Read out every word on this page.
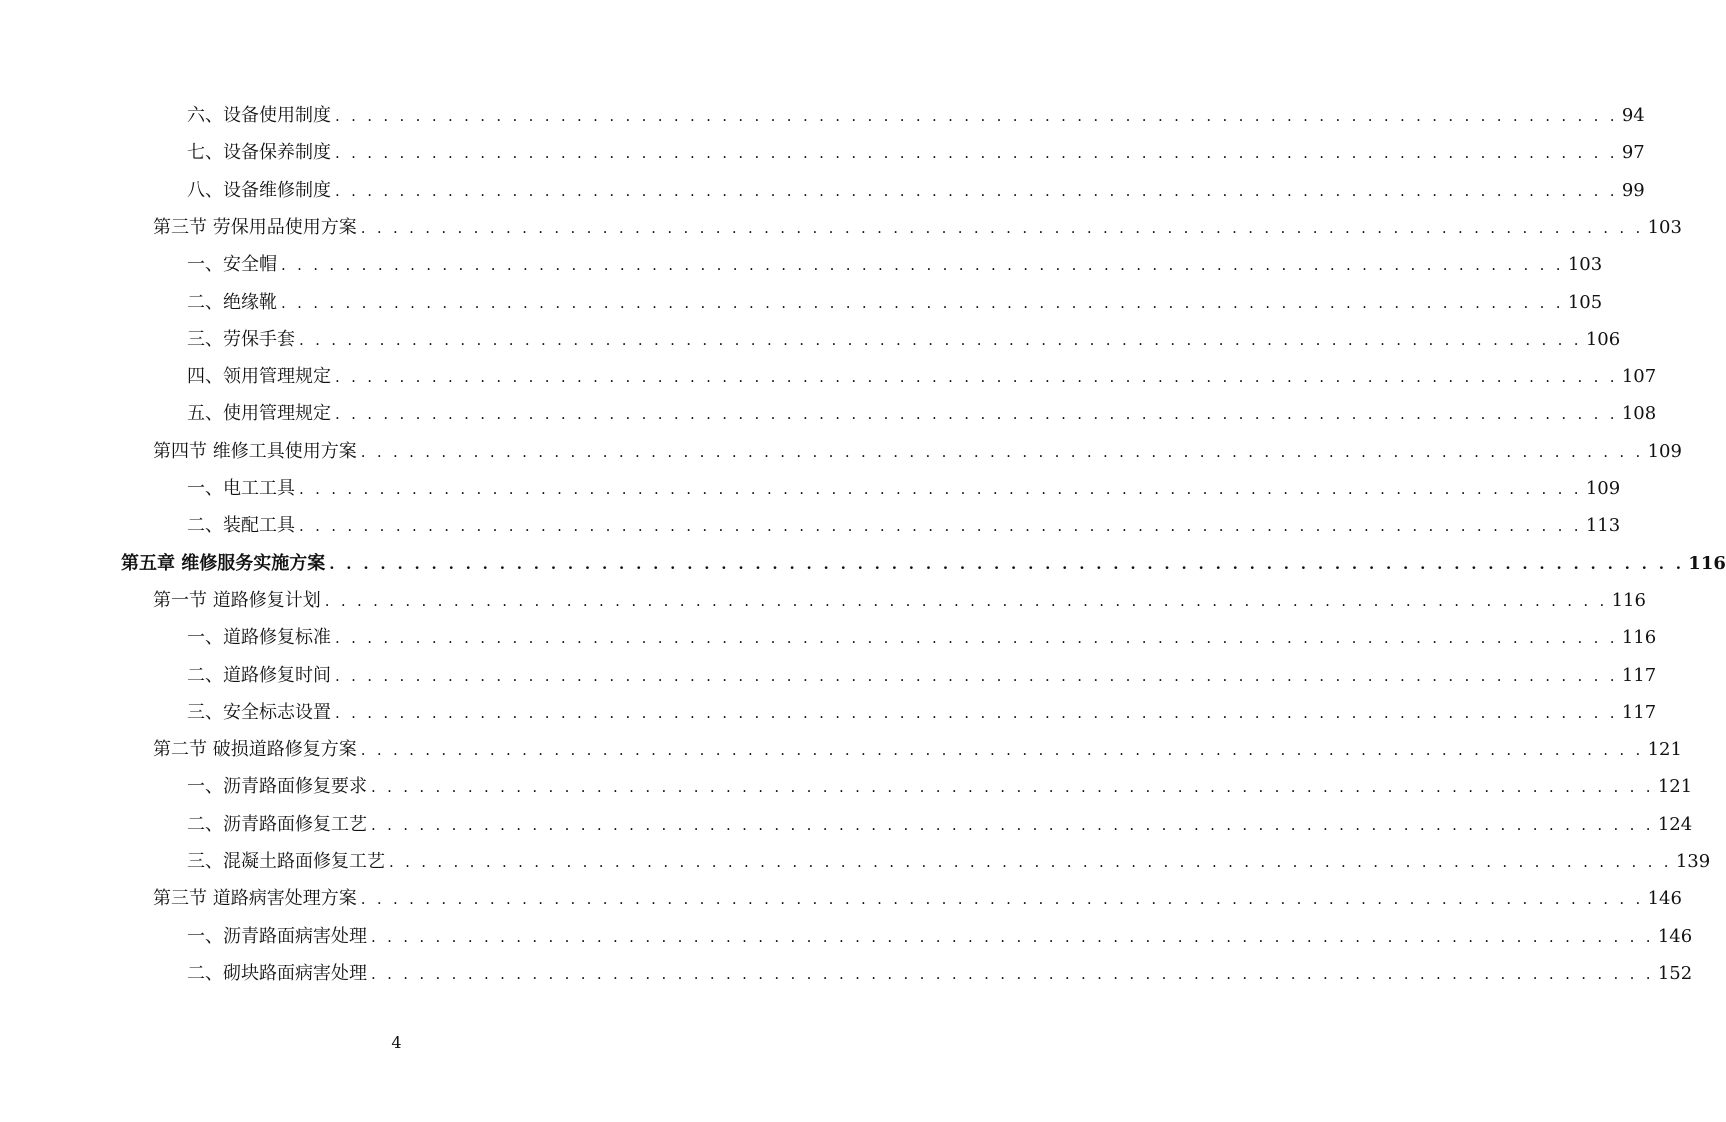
六、设备使用制度 . . . . . . . . . . . . . . . . . . . . . . . . . . . . . . . . . . . . . . . . . . . . . . . . . . . . . . . . . . . . . . . . . . . . . . . . . . . . . . . . 94
七、设备保养制度 . . . . . . . . . . . . . . . . . . . . . . . . . . . . . . . . . . . . . . . . . . . . . . . . . . . . . . . . . . . . . . . . . . . . . . . . . . . . . . . . 97
八、设备维修制度 . . . . . . . . . . . . . . . . . . . . . . . . . . . . . . . . . . . . . . . . . . . . . . . . . . . . . . . . . . . . . . . . . . . . . . . . . . . . . . . . 99
第三节 劳保用品使用方案 . . . . . . . . . . . . . . . . . . . . . . . . . . . . . . . . . . . . . . . . . . . . . . . . . . . . . . . . . . . . . . . . . . . . . . . . . . . . . . . . 103
一、安全帽 . . . . . . . . . . . . . . . . . . . . . . . . . . . . . . . . . . . . . . . . . . . . . . . . . . . . . . . . . . . . . . . . . . . . . . . . . . . . . . . . 103
二、绝缘靴 . . . . . . . . . . . . . . . . . . . . . . . . . . . . . . . . . . . . . . . . . . . . . . . . . . . . . . . . . . . . . . . . . . . . . . . . . . . . . . . . 105
三、劳保手套 . . . . . . . . . . . . . . . . . . . . . . . . . . . . . . . . . . . . . . . . . . . . . . . . . . . . . . . . . . . . . . . . . . . . . . . . . . . . . . . . 106
四、领用管理规定 . . . . . . . . . . . . . . . . . . . . . . . . . . . . . . . . . . . . . . . . . . . . . . . . . . . . . . . . . . . . . . . . . . . . . . . . . . . . . . . . 107
五、使用管理规定 . . . . . . . . . . . . . . . . . . . . . . . . . . . . . . . . . . . . . . . . . . . . . . . . . . . . . . . . . . . . . . . . . . . . . . . . . . . . . . . . 108
第四节 维修工具使用方案 . . . . . . . . . . . . . . . . . . . . . . . . . . . . . . . . . . . . . . . . . . . . . . . . . . . . . . . . . . . . . . . . . . . . . . . . . . . . . . . . 109
一、电工工具 . . . . . . . . . . . . . . . . . . . . . . . . . . . . . . . . . . . . . . . . . . . . . . . . . . . . . . . . . . . . . . . . . . . . . . . . . . . . . . . . 109
二、装配工具 . . . . . . . . . . . . . . . . . . . . . . . . . . . . . . . . . . . . . . . . . . . . . . . . . . . . . . . . . . . . . . . . . . . . . . . . . . . . . . . . 113
第五章 维修服务实施方案 . . . . . . . . . . . . . . . . . . . . . . . . . . . . . . . . . . . . . . . . . . . . . . . . . . . . . . . . . . . . . . . . . . . . . . . . . . . . . . . . 116
第一节 道路修复计划 . . . . . . . . . . . . . . . . . . . . . . . . . . . . . . . . . . . . . . . . . . . . . . . . . . . . . . . . . . . . . . . . . . . . . . . . . . . . . . . . 116
一、道路修复标准 . . . . . . . . . . . . . . . . . . . . . . . . . . . . . . . . . . . . . . . . . . . . . . . . . . . . . . . . . . . . . . . . . . . . . . . . . . . . . . . . 116
二、道路修复时间 . . . . . . . . . . . . . . . . . . . . . . . . . . . . . . . . . . . . . . . . . . . . . . . . . . . . . . . . . . . . . . . . . . . . . . . . . . . . . . . . 117
三、安全标志设置 . . . . . . . . . . . . . . . . . . . . . . . . . . . . . . . . . . . . . . . . . . . . . . . . . . . . . . . . . . . . . . . . . . . . . . . . . . . . . . . . 117
第二节 破损道路修复方案 . . . . . . . . . . . . . . . . . . . . . . . . . . . . . . . . . . . . . . . . . . . . . . . . . . . . . . . . . . . . . . . . . . . . . . . . . . . . . . . . 121
一、沥青路面修复要求 . . . . . . . . . . . . . . . . . . . . . . . . . . . . . . . . . . . . . . . . . . . . . . . . . . . . . . . . . . . . . . . . . . . . . . . . . . . . . . . . 121
二、沥青路面修复工艺 . . . . . . . . . . . . . . . . . . . . . . . . . . . . . . . . . . . . . . . . . . . . . . . . . . . . . . . . . . . . . . . . . . . . . . . . . . . . . . . . 124
三、混凝土路面修复工艺 . . . . . . . . . . . . . . . . . . . . . . . . . . . . . . . . . . . . . . . . . . . . . . . . . . . . . . . . . . . . . . . . . . . . . . . . . . . . . . . . 139
第三节 道路病害处理方案 . . . . . . . . . . . . . . . . . . . . . . . . . . . . . . . . . . . . . . . . . . . . . . . . . . . . . . . . . . . . . . . . . . . . . . . . . . . . . . . . 146
一、沥青路面病害处理 . . . . . . . . . . . . . . . . . . . . . . . . . . . . . . . . . . . . . . . . . . . . . . . . . . . . . . . . . . . . . . . . . . . . . . . . . . . . . . . . 146
二、砌块路面病害处理 . . . . . . . . . . . . . . . . . . . . . . . . . . . . . . . . . . . . . . . . . . . . . . . . . . . . . . . . . . . . . . . . . . . . . . . . . . . . . . . . 152
4
